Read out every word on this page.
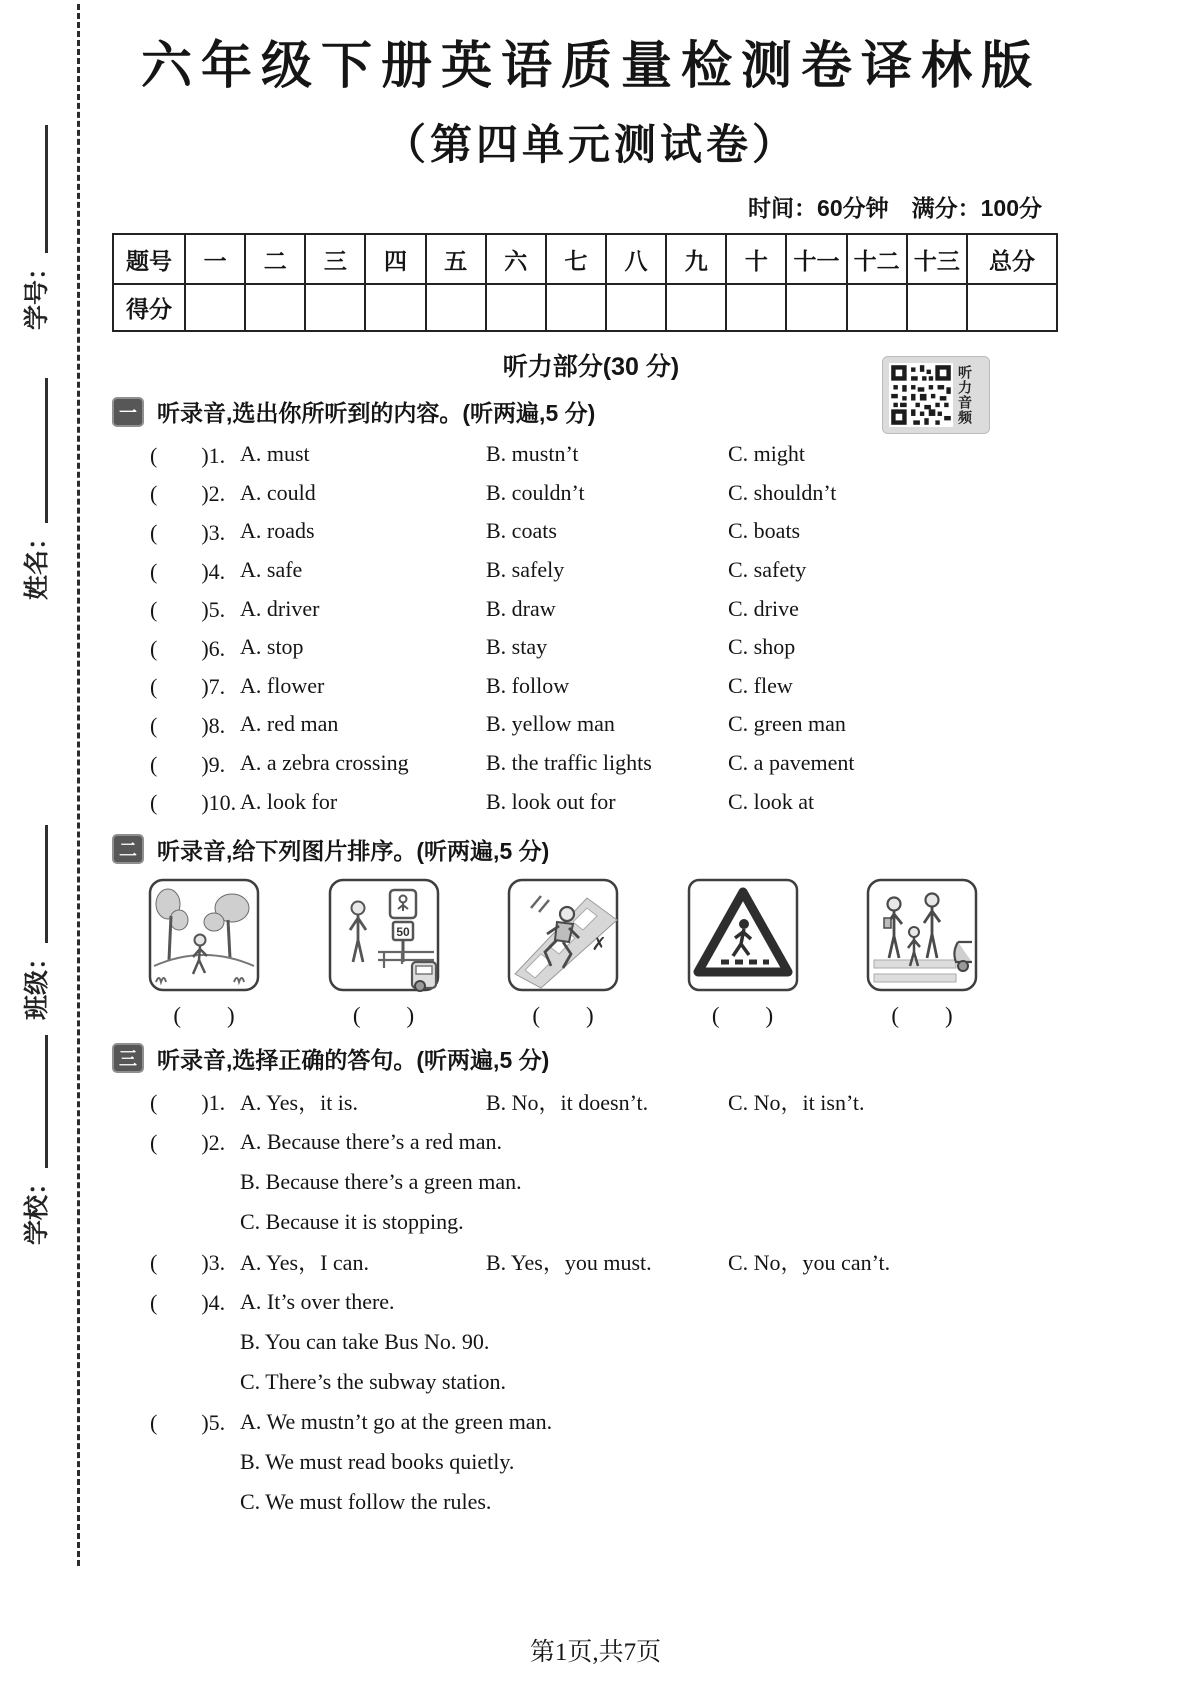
学号：
姓名：
班级：
学校：
六年级下册英语质量检测卷译林版
（第四单元测试卷）
时间：60分钟　满分：100分
题号	一	二	三	四	五	六	七	八	九	十	十一	十二	十三	总分
得分														
听力部分(30 分)	听力音频
一 听录音,选出你所听到的内容。(听两遍,5 分)
(　　)1. A. must	B. mustn’t	C. might
(　　)2. A. could	B. couldn’t	C. shouldn’t
(　　)3. A. roads	B. coats	C. boats
(　　)4. A. safe	B. safely	C. safety
(　　)5. A. driver	B. draw	C. drive
(　　)6. A. stop	B. stay	C. shop
(　　)7. A. flower	B. follow	C. flew
(　　)8. A. red man	B. yellow man	C. green man
(　　)9. A. a zebra crossing	B. the traffic lights	C. a pavement
(　　)10. A. look for	B. look out for	C. look at
二 听录音,给下列图片排序。(听两遍,5 分)
(　　)
50
(　　)
✗
(　　)	(　　)	(　　)
三 听录音,选择正确的答句。(听两遍,5 分)
(　　)1. A. Yes，it is.	B. No，it doesn’t.	C. No，it isn’t.
(　　)2. A. Because there’s a red man.
B. Because there’s a green man.
C. Because it is stopping.
(　　)3. A. Yes，I can.	B. Yes，you must.	C. No，you can’t.
(　　)4. A. It’s over there.
B. You can take Bus No. 90.
C. There’s the subway station.
(　　)5. A. We mustn’t go at the green man.
B. We must read books quietly.
C. We must follow the rules.
第1页,共7页
